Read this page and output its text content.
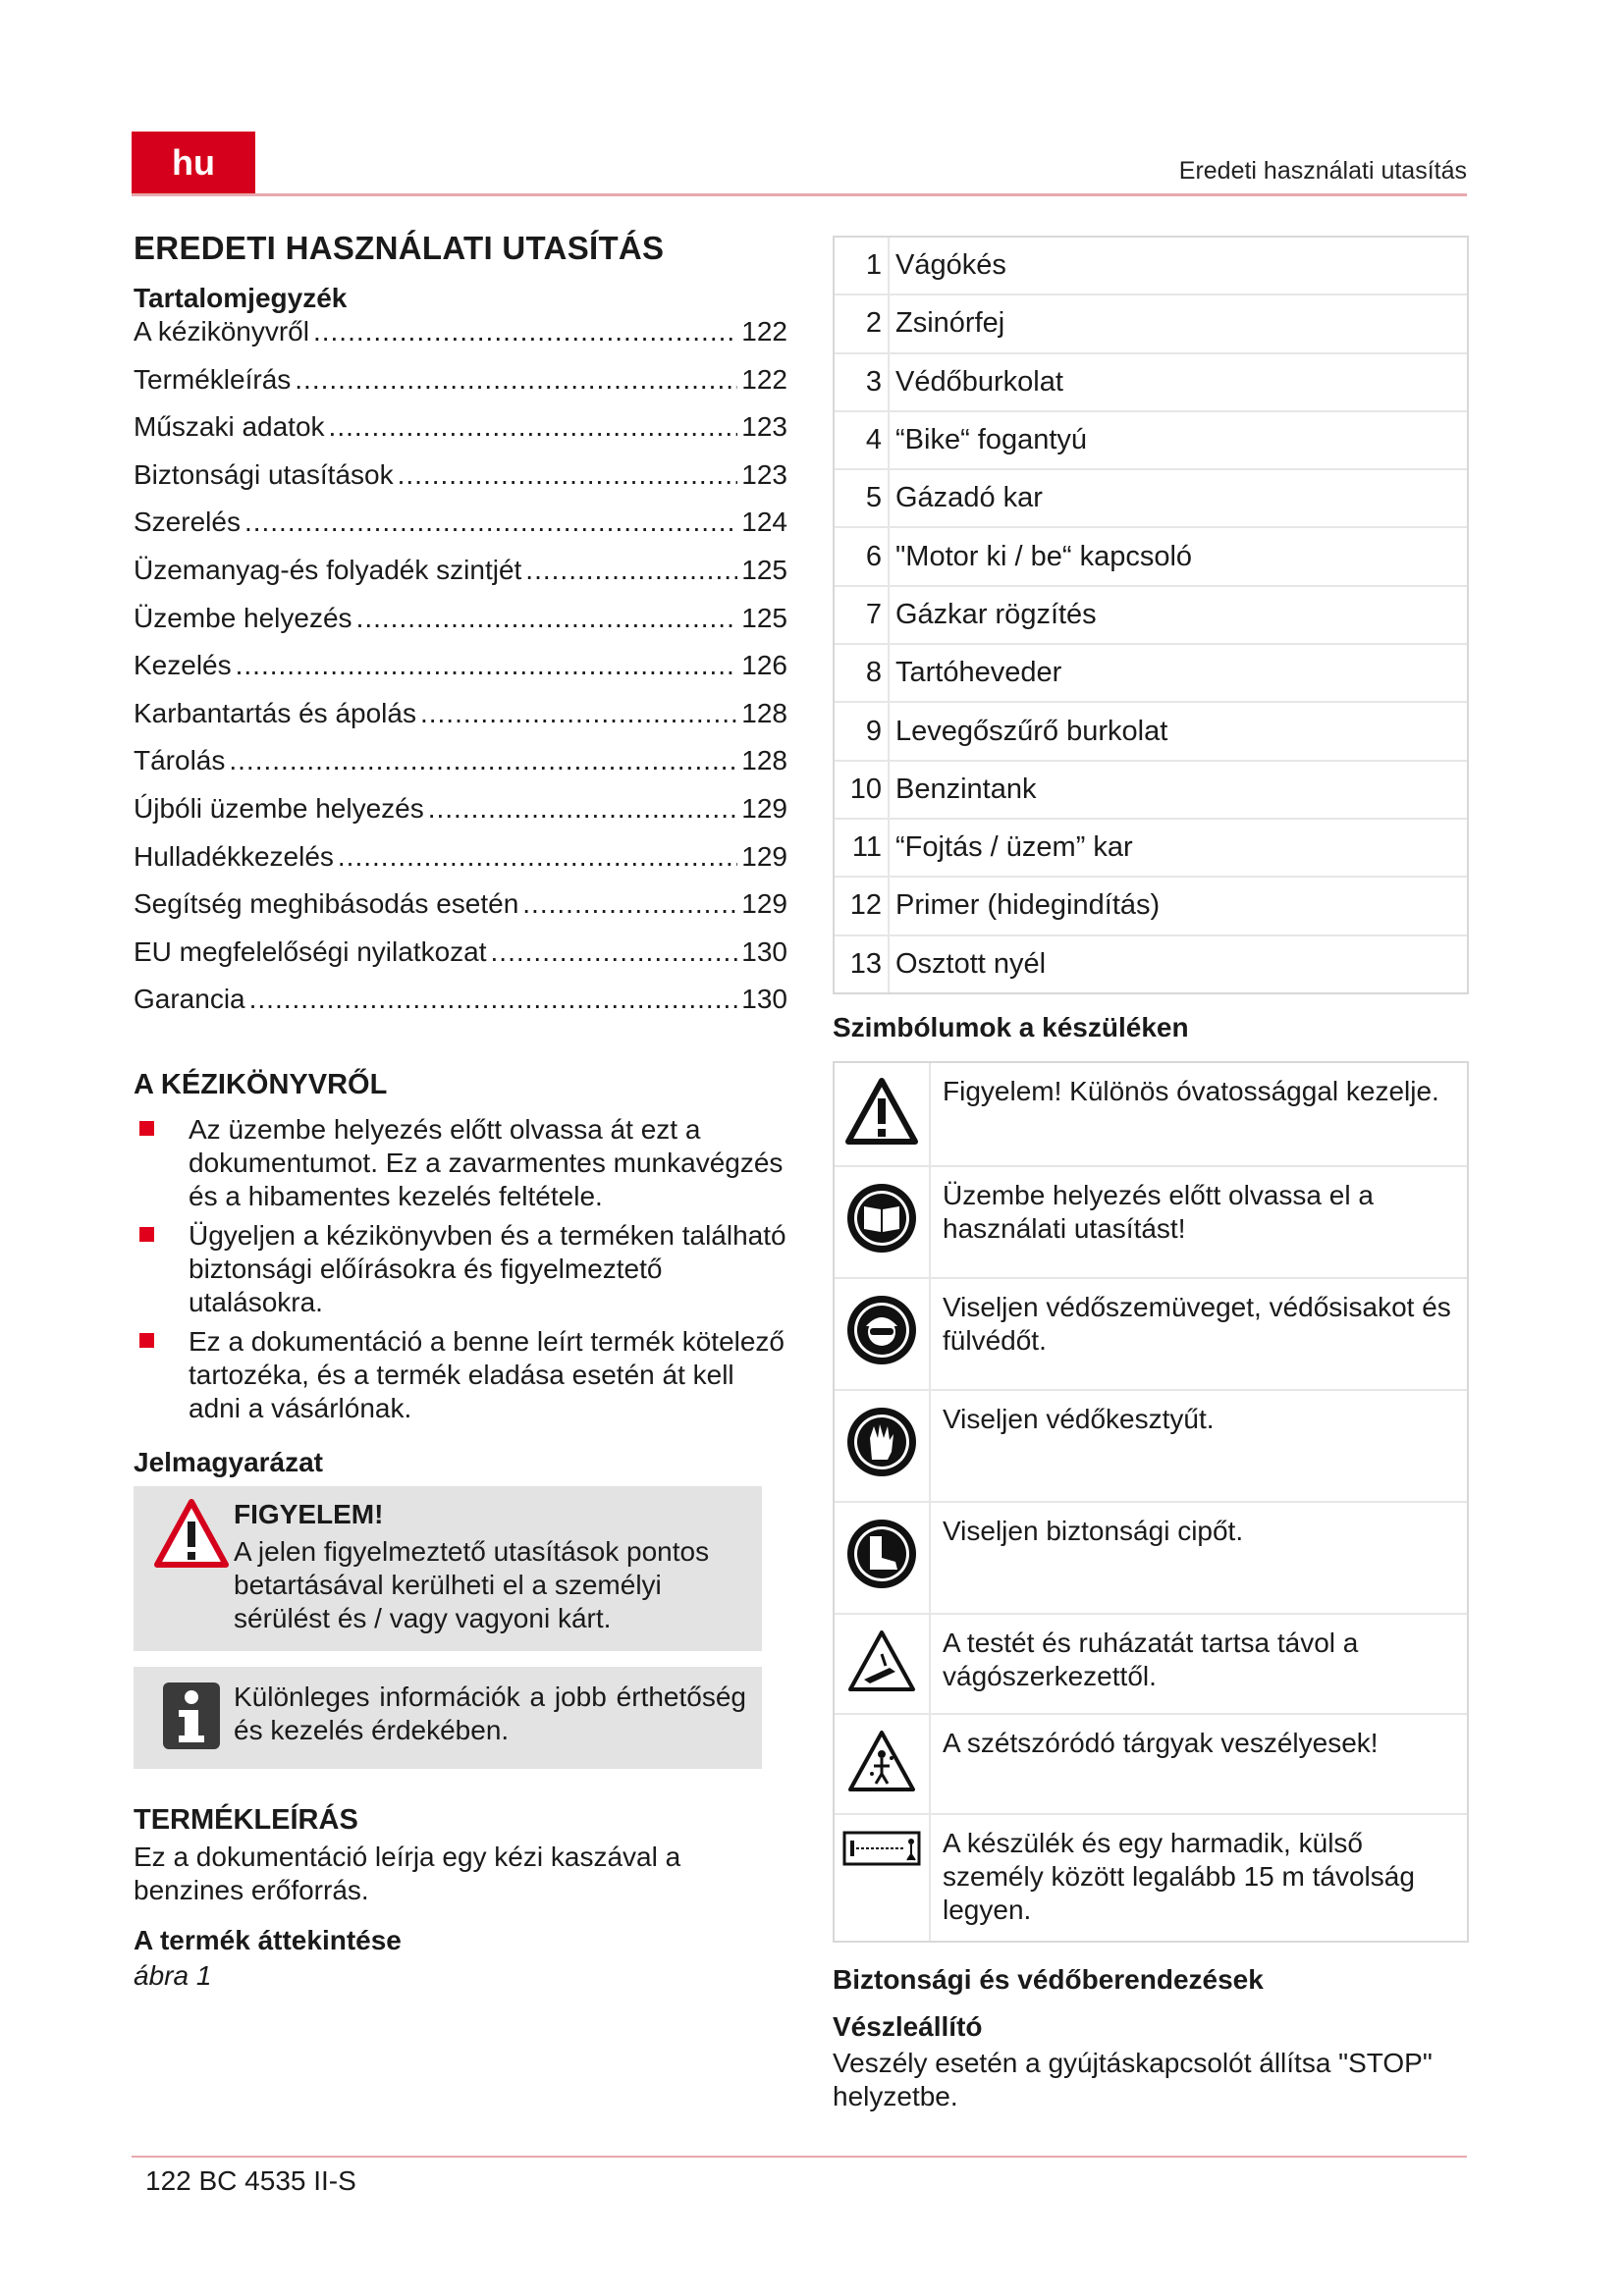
hu	Eredeti használati utasítás
EREDETI HASZNÁLATI UTASÍTÁS
Tartalomjegyzék
A kézikönyvről .....	122
Termékleírás .....	122
Műszaki adatok .....	123
Biztonsági utasítások .....	123
Szerelés .....	124
Üzemanyag-és folyadék szintjét .....	125
Üzembe helyezés .....	125
Kezelés .....	126
Karbantartás és ápolás .....	128
Tárolás .....	128
Újbóli üzembe helyezés .....	129
Hulladékkezelés .....	129
Segítség meghibásodás esetén .....	129
EU megfelelőségi nyilatkozat .....	130
Garancia .....	130
A KÉZIKÖNYVRŐL
Az üzembe helyezés előtt olvassa át ezt a dokumentumot. Ez a zavarmentes munkavégzés és a hibamentes kezelés feltétele.
Ügyeljen a kézikönyvben és a terméken található biztonsági előírásokra és figyelmeztető utalásokra.
Ez a dokumentáció a benne leírt termék kötelező tartozéka, és a termék eladása esetén át kell adni a vásárlónak.
Jelmagyarázat
FIGYELEM!
A jelen figyelmeztető utasítások pontos betartásával kerülheti el a személyi sérülést és / vagy vagyoni kárt.
Különleges információk a jobb érthetőség és kezelés érdekében.
TERMÉKLEÍRÁS

Ez a dokumentáció leírja egy kézi kaszával a benzines erőforrás.

A termék áttekintése

ábra 1

1 Vágókés
2 Zsinórfej
3 Védőburkolat
4 “Bike“ fogantyú
5 Gázadó kar
6 "Motor ki / be“ kapcsoló
7 Gázkar rögzítés
8 Tartóheveder
9 Levegőszűrő burkolat
10 Benzintank
11 “Fojtás / üzem” kar
12 Primer (hidegindítás)
13 Osztott nyél
Szimbólumok a készüléken
Figyelem! Különös óvatossággal kezelje.
Üzembe helyezés előtt olvassa el a használati utasítást!
Viseljen védőszemüveget, védősisakot és fülvédőt.
Viseljen védőkesztyűt.
Viseljen biztonsági cipőt.
A testét és ruházatát tartsa távol a vágószerkezettől.
A szétszóródó tárgyak veszélyesek!
A készülék és egy harmadik, külső személy között legalább 15 m távolság legyen.
Biztonsági és védőberendezések
Vészleállító

Veszély esetén a gyújtáskapcsolót állítsa "STOP" helyzetbe.

122 BC 4535 II-S
